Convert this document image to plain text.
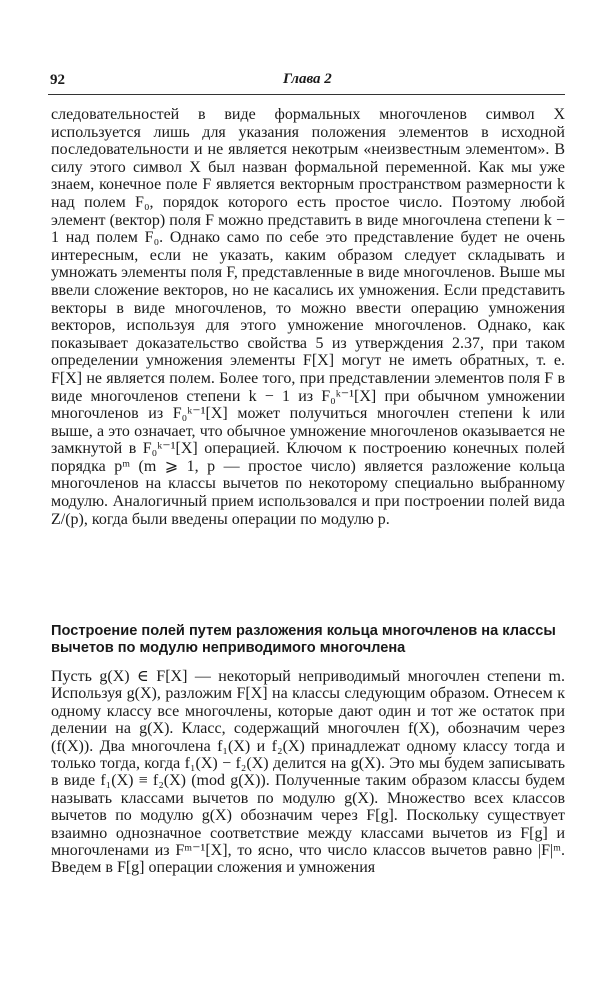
92	Глава 2

следовательностей в виде формальных многочленов символ X используется лишь для указания положения элементов в исходной последовательности и не является некотрым «неизвестным элементом». В силу этого символ X был назван формальной переменной. Как мы уже знаем, конечное поле F является векторным пространством размерности k над полем F₀, порядок которого есть простое число. Поэтому любой элемент (вектор) поля F можно представить в виде многочлена степени k − 1 над полем F₀. Однако само по себе это представление будет не очень интересным, если не указать, каким образом следует складывать и умножать элементы поля F, представленные в виде многочленов. Выше мы ввели сложение векторов, но не касались их умножения. Если представить векторы в виде многочленов, то можно ввести операцию умножения векторов, используя для этого умножение многочленов. Однако, как показывает доказательство свойства 5 из утверждения 2.37, при таком определении умножения элементы F[X] могут не иметь обратных, т. е. F[X] не является полем. Более того, при представлении элементов поля F в виде многочленов степени k − 1 из F₀ᵏ⁻¹[X] при обычном умножении многочленов из F₀ᵏ⁻¹[X] может получиться многочлен степени k или выше, а это означает, что обычное умножение многочленов оказывается не замкнутой в F₀ᵏ⁻¹[X] операцией. Ключом к построению конечных полей порядка pᵐ (m ⩾ 1, p — простое число) является разложение кольца многочленов на классы вычетов по некоторому специально выбранному модулю. Аналогичный прием использовался и при построении полей вида Z/(p), когда были введены операции по модулю p.

Построение полей путем разложения кольца многочленов на классы вычетов по модулю неприводимого многочлена

Пусть g(X) ∈ F[X] — некоторый неприводимый многочлен степени m. Используя g(X), разложим F[X] на классы следующим образом. Отнесем к одному классу все многочлены, которые дают один и тот же остаток при делении на g(X). Класс, содержащий многочлен f(X), обозначим через (f(X)). Два многочлена f₁(X) и f₂(X) принадлежат одному классу тогда и только тогда, когда f₁(X) − f₂(X) делится на g(X). Это мы будем записывать в виде f₁(X) ≡ f₂(X) (mod g(X)). Полученные таким образом классы будем называть классами вычетов по модулю g(X). Множество всех классов вычетов по модулю g(X) обозначим через F[g]. Поскольку существует взаимно однозначное соответствие между классами вычетов из F[g] и многочленами из Fᵐ⁻¹[X], то ясно, что число классов вычетов равно |F|ᵐ. Введем в F[g] операции сложения и умножения
